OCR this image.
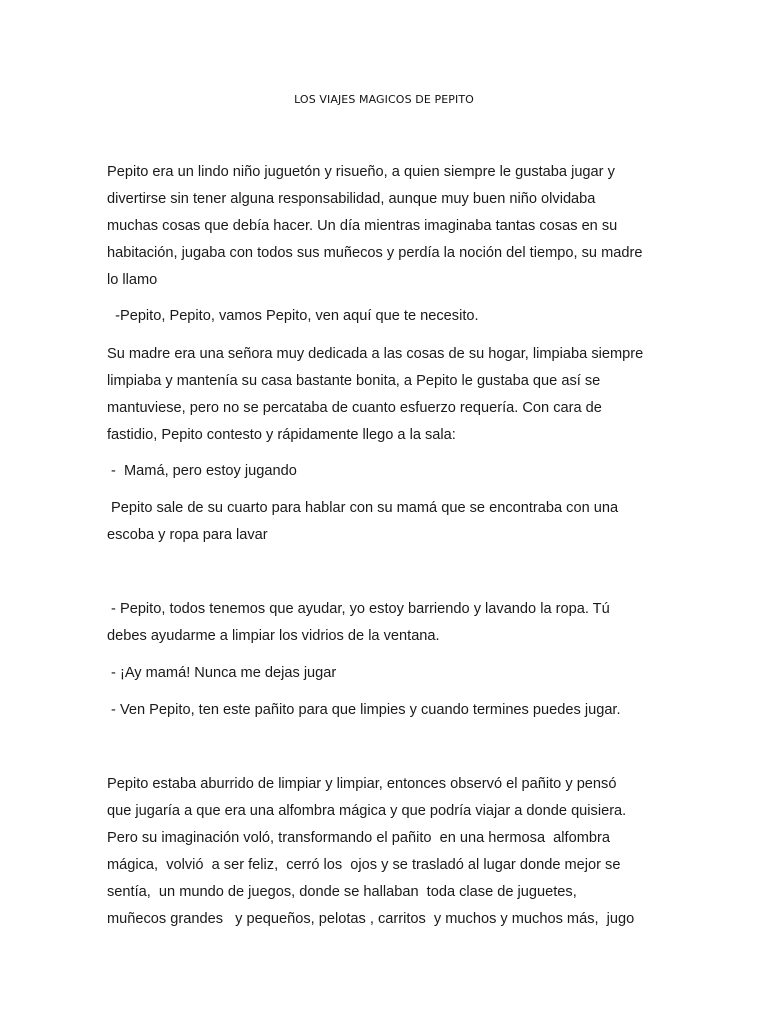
LOS VIAJES MAGICOS DE PEPITO
Pepito era un lindo niño juguetón y risueño, a quien siempre le gustaba jugar y
divertirse sin tener alguna responsabilidad, aunque muy buen niño olvidaba
muchas cosas que debía hacer. Un día mientras imaginaba tantas cosas en su
habitación, jugaba con todos sus muñecos y perdía la noción del tiempo, su madre
lo llamo
-Pepito, Pepito, vamos Pepito, ven aquí que te necesito.
Su madre era una señora muy dedicada a las cosas de su hogar, limpiaba siempre
limpiaba y mantenía su casa bastante bonita, a Pepito le gustaba que así se
mantuviese, pero no se percataba de cuanto esfuerzo requería. Con cara de
fastidio, Pepito contesto y rápidamente llego a la sala:
-  Mamá, pero estoy jugando
Pepito sale de su cuarto para hablar con su mamá que se encontraba con una
escoba y ropa para lavar
- Pepito, todos tenemos que ayudar, yo estoy barriendo y lavando la ropa. Tú
debes ayudarme a limpiar los vidrios de la ventana.
- ¡Ay mamá! Nunca me dejas jugar
- Ven Pepito, ten este pañito para que limpies y cuando termines puedes jugar.
Pepito estaba aburrido de limpiar y limpiar, entonces observó el pañito y pensó
que jugaría a que era una alfombra mágica y que podría viajar a donde quisiera.
Pero su imaginación voló, transformando el pañito  en una hermosa  alfombra
mágica,  volvió  a ser feliz,  cerró los  ojos y se trasladó al lugar donde mejor se
sentía,  un mundo de juegos, donde se hallaban  toda clase de juguetes,
muñecos grandes   y pequeños, pelotas , carritos  y muchos y muchos más,  jugo
